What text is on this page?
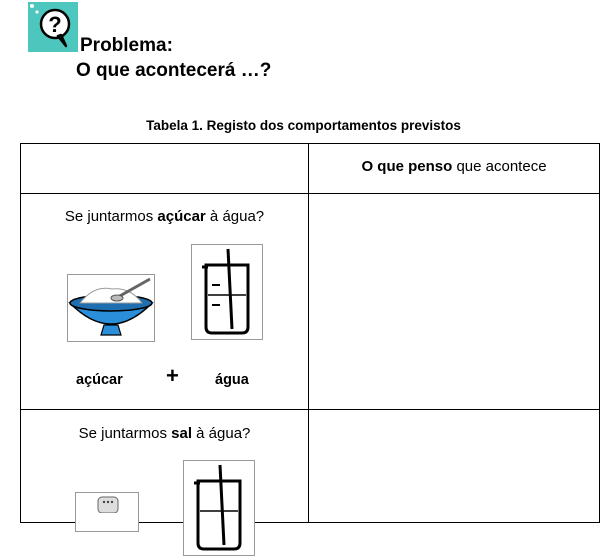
?
Problema:
O que acontecerá …?
Tabela 1. Registo dos comportamentos previstos
O que penso que acontece
Se juntarmos açúcar à água?
açúcar + água
Se juntarmos sal à água?
